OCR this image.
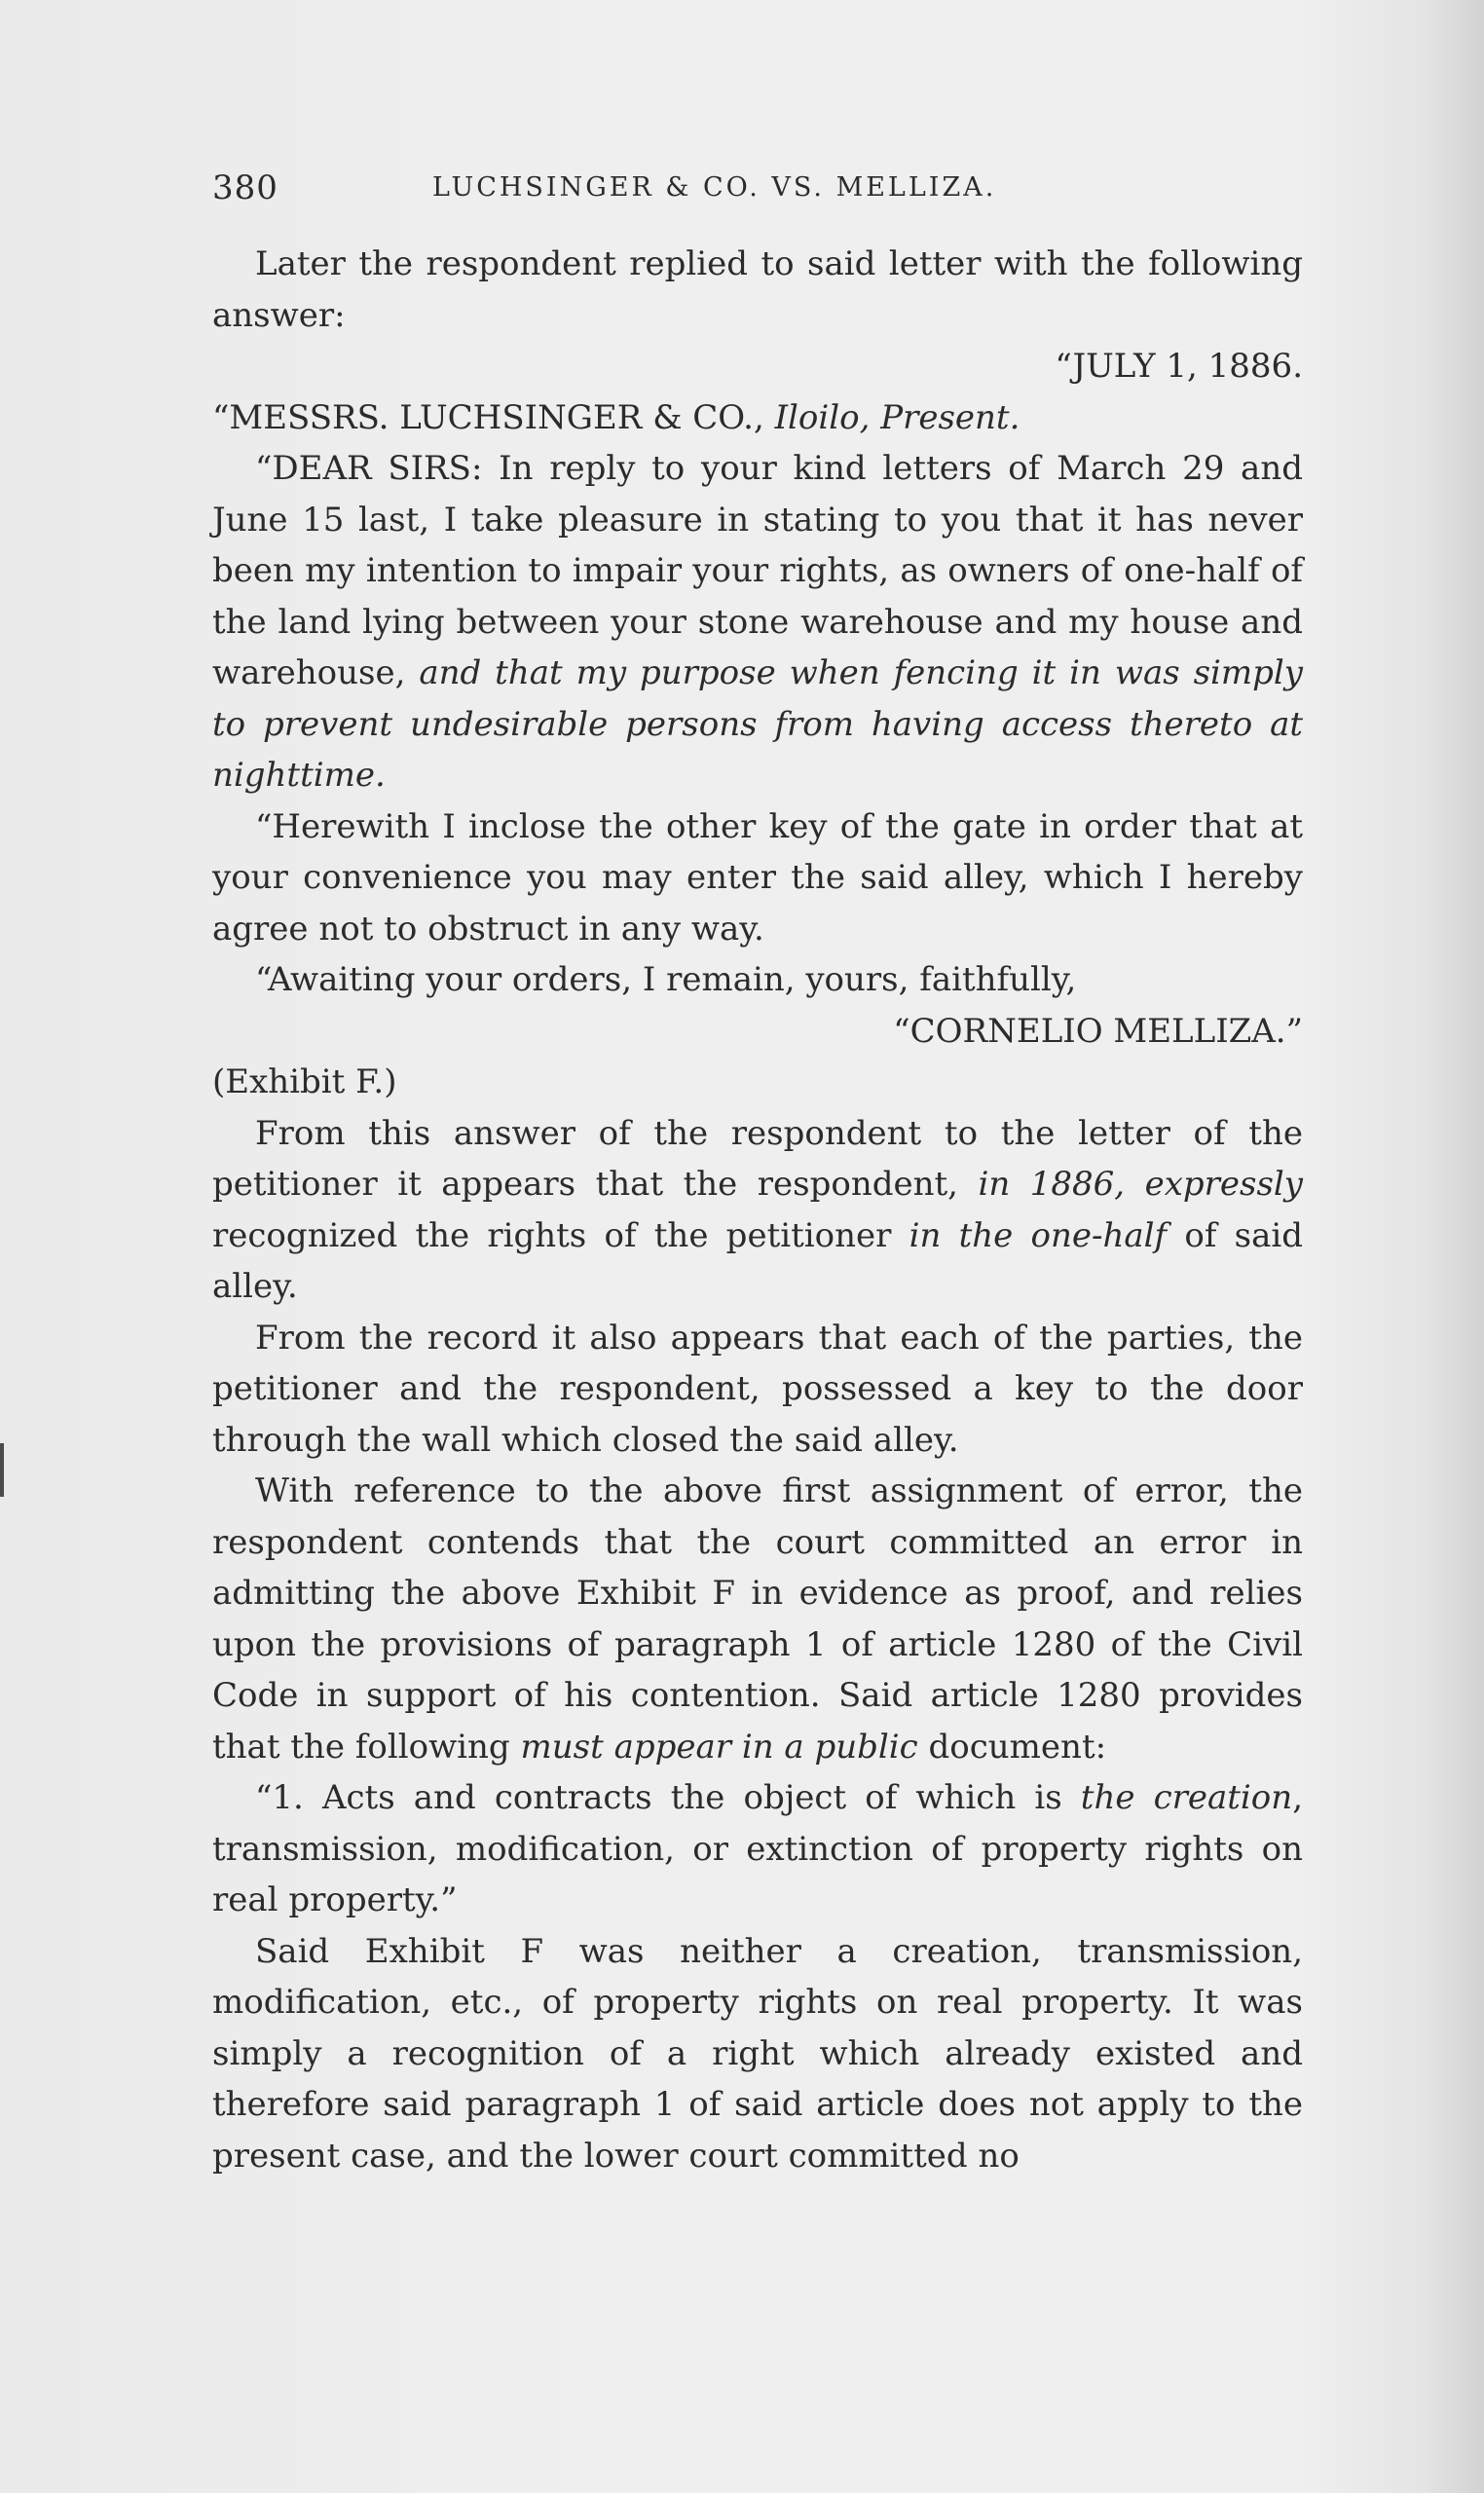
380	LUCHSINGER & CO. VS. MELLIZA.

Later the respondent replied to said letter with the following answer:

“JULY 1, 1886.

“MESSRS. LUCHSINGER & CO., Iloilo, Present.

“DEAR SIRS: In reply to your kind letters of March 29 and June 15 last, I take pleasure in stating to you that it has never been my intention to impair your rights, as owners of one-half of the land lying between your stone warehouse and my house and warehouse, and that my purpose when fencing it in was simply to prevent undesirable persons from having access thereto at nighttime.

“Herewith I inclose the other key of the gate in order that at your convenience you may enter the said alley, which I hereby agree not to obstruct in any way.

“Awaiting your orders, I remain, yours, faithfully,

“CORNELIO MELLIZA.”

(Exhibit F.)

From this answer of the respondent to the letter of the petitioner it appears that the respondent, in 1886, expressly recognized the rights of the petitioner in the one-half of said alley.

From the record it also appears that each of the parties, the petitioner and the respondent, possessed a key to the door through the wall which closed the said alley.

With reference to the above first assignment of error, the respondent contends that the court committed an error in admitting the above Exhibit F in evidence as proof, and relies upon the provisions of paragraph 1 of article 1280 of the Civil Code in support of his contention. Said article 1280 provides that the following must appear in a public document:

“1. Acts and contracts the object of which is the creation, transmission, modification, or extinction of property rights on real property.”

Said Exhibit F was neither a creation, transmission, modification, etc., of property rights on real property. It was simply a recognition of a right which already existed and therefore said paragraph 1 of said article does not apply to the present case, and the lower court committed no
